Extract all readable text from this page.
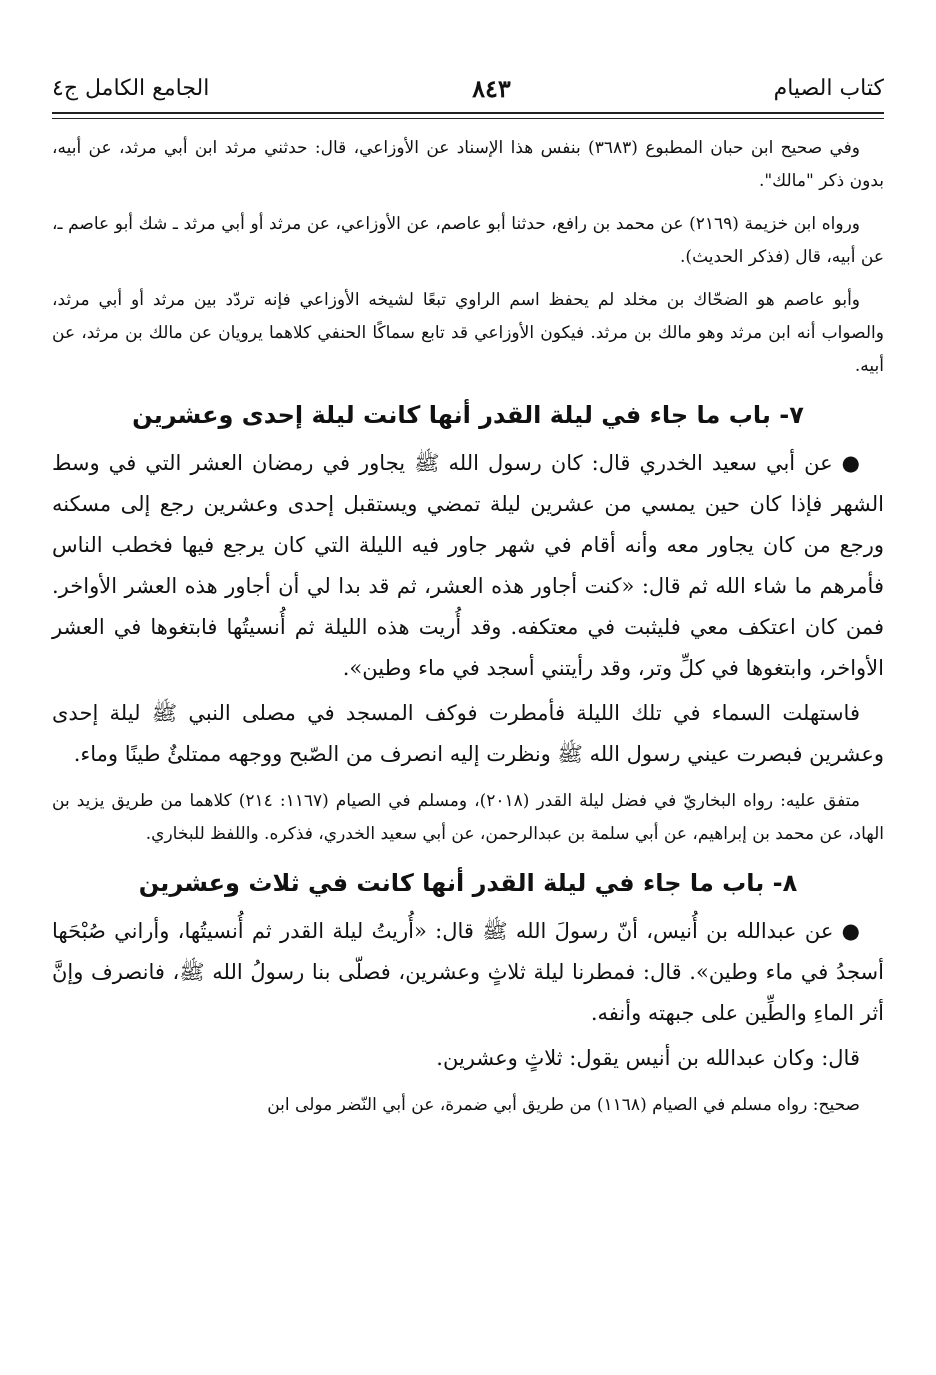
كتاب الصيام
٨٤٣
الجامع الكامل ج٤

وفي صحيح ابن حبان المطبوع (٣٦٨٣) بنفس هذا الإسناد عن الأوزاعي، قال: حدثني مرثد ابن أبي مرثد، عن أبيه، بدون ذكر "مالك".

ورواه ابن خزيمة (٢١٦٩) عن محمد بن رافع، حدثنا أبو عاصم، عن الأوزاعي، عن مرثد أو أبي مرثد ـ شك أبو عاصم ـ، عن أبيه، قال (فذكر الحديث).

وأبو عاصم هو الضحّاك بن مخلد لم يحفظ اسم الراوي تبعًا لشيخه الأوزاعي فإنه تردّد بين مرثد أو أبي مرثد، والصواب أنه ابن مرثد وهو مالك بن مرثد. فيكون الأوزاعي قد تابع سماكًا الحنفي كلاهما يرويان عن مالك بن مرثد، عن أبيه.

٧- باب ما جاء في ليلة القدر أنها كانت ليلة إحدى وعشرين

● عن أبي سعيد الخدري قال: كان رسول الله ﷺ يجاور في رمضان العشر التي في وسط الشهر فإذا كان حين يمسي من عشرين ليلة تمضي ويستقبل إحدى وعشرين رجع إلى مسكنه ورجع من كان يجاور معه وأنه أقام في شهر جاور فيه الليلة التي كان يرجع فيها فخطب الناس فأمرهم ما شاء الله ثم قال: «كنت أجاور هذه العشر، ثم قد بدا لي أن أجاور هذه العشر الأواخر. فمن كان اعتكف معي فليثبت في معتكفه. وقد أُريت هذه الليلة ثم أُنسيتُها فابتغوها في العشر الأواخر، وابتغوها في كلِّ وتر، وقد رأيتني أسجد في ماء وطين».

فاستهلت السماء في تلك الليلة فأمطرت فوكف المسجد في مصلى النبي ﷺ ليلة إحدى وعشرين فبصرت عيني رسول الله ﷺ ونظرت إليه انصرف من الصّبح ووجهه ممتلئٌ طينًا وماء.

متفق عليه: رواه البخاريّ في فضل ليلة القدر (٢٠١٨)، ومسلم في الصيام (١١٦٧: ٢١٤) كلاهما من طريق يزيد بن الهاد، عن محمد بن إبراهيم، عن أبي سلمة بن عبدالرحمن، عن أبي سعيد الخدري، فذكره. واللفظ للبخاري.

٨- باب ما جاء في ليلة القدر أنها كانت في ثلاث وعشرين

● عن عبدالله بن أُنيس، أنّ رسولَ الله ﷺ قال: «أُريتُ ليلة القدر ثم أُنسيتُها، وأراني صُبْحَها أسجدُ في ماء وطين». قال: فمطرنا ليلة ثلاثٍ وعشرين، فصلّى بنا رسولُ الله ﷺ، فانصرف وإنَّ أثر الماءِ والطِّين على جبهته وأنفه.

قال: وكان عبدالله بن أنيس يقول: ثلاثٍ وعشرين.

صحيح: رواه مسلم في الصيام (١١٦٨) من طريق أبي ضمرة، عن أبي النّضر مولى ابن
